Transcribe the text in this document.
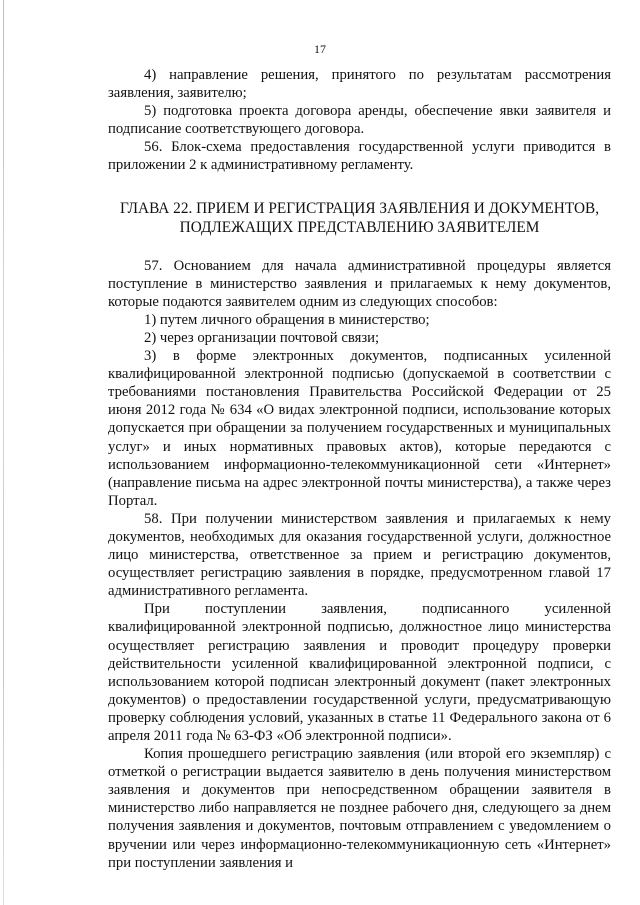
17

4) направление решения, принятого по результатам рассмотрения заявления, заявителю;

5) подготовка проекта договора аренды, обеспечение явки заявителя и подписание соответствующего договора.

56. Блок-схема предоставления государственной услуги приводится в приложении 2 к административному регламенту.

ГЛАВА 22. ПРИЕМ И РЕГИСТРАЦИЯ ЗАЯВЛЕНИЯ И ДОКУМЕНТОВ,
ПОДЛЕЖАЩИХ ПРЕДСТАВЛЕНИЮ ЗАЯВИТЕЛЕМ

57. Основанием для начала административной процедуры является поступление в министерство заявления и прилагаемых к нему документов, которые подаются заявителем одним из следующих способов:

1) путем личного обращения в министерство;

2) через организации почтовой связи;

3) в форме электронных документов, подписанных усиленной квалифицированной электронной подписью (допускаемой в соответствии с требованиями постановления Правительства Российской Федерации от 25 июня 2012 года № 634 «О видах электронной подписи, использование которых допускается при обращении за получением государственных и муниципальных услуг» и иных нормативных правовых актов), которые передаются с использованием информационно-телекоммуникационной сети «Интернет» (направление письма на адрес электронной почты министерства), а также через Портал.

58. При получении министерством заявления и прилагаемых к нему документов, необходимых для оказания государственной услуги, должностное лицо министерства, ответственное за прием и регистрацию документов, осуществляет регистрацию заявления в порядке, предусмотренном главой 17 административного регламента.

При поступлении заявления, подписанного усиленной квалифицированной электронной подписью, должностное лицо министерства осуществляет регистрацию заявления и проводит процедуру проверки действительности усиленной квалифицированной электронной подписи, с использованием которой подписан электронный документ (пакет электронных документов) о предоставлении государственной услуги, предусматривающую проверку соблюдения условий, указанных в статье 11 Федерального закона от 6 апреля 2011 года № 63-ФЗ «Об электронной подписи».

Копия прошедшего регистрацию заявления (или второй его экземпляр) с отметкой о регистрации выдается заявителю в день получения министерством заявления и документов при непосредственном обращении заявителя в министерство либо направляется не позднее рабочего дня, следующего за днем получения заявления и документов, почтовым отправлением с уведомлением о вручении или через информационно-телекоммуникационную сеть «Интернет» при поступлении заявления и
